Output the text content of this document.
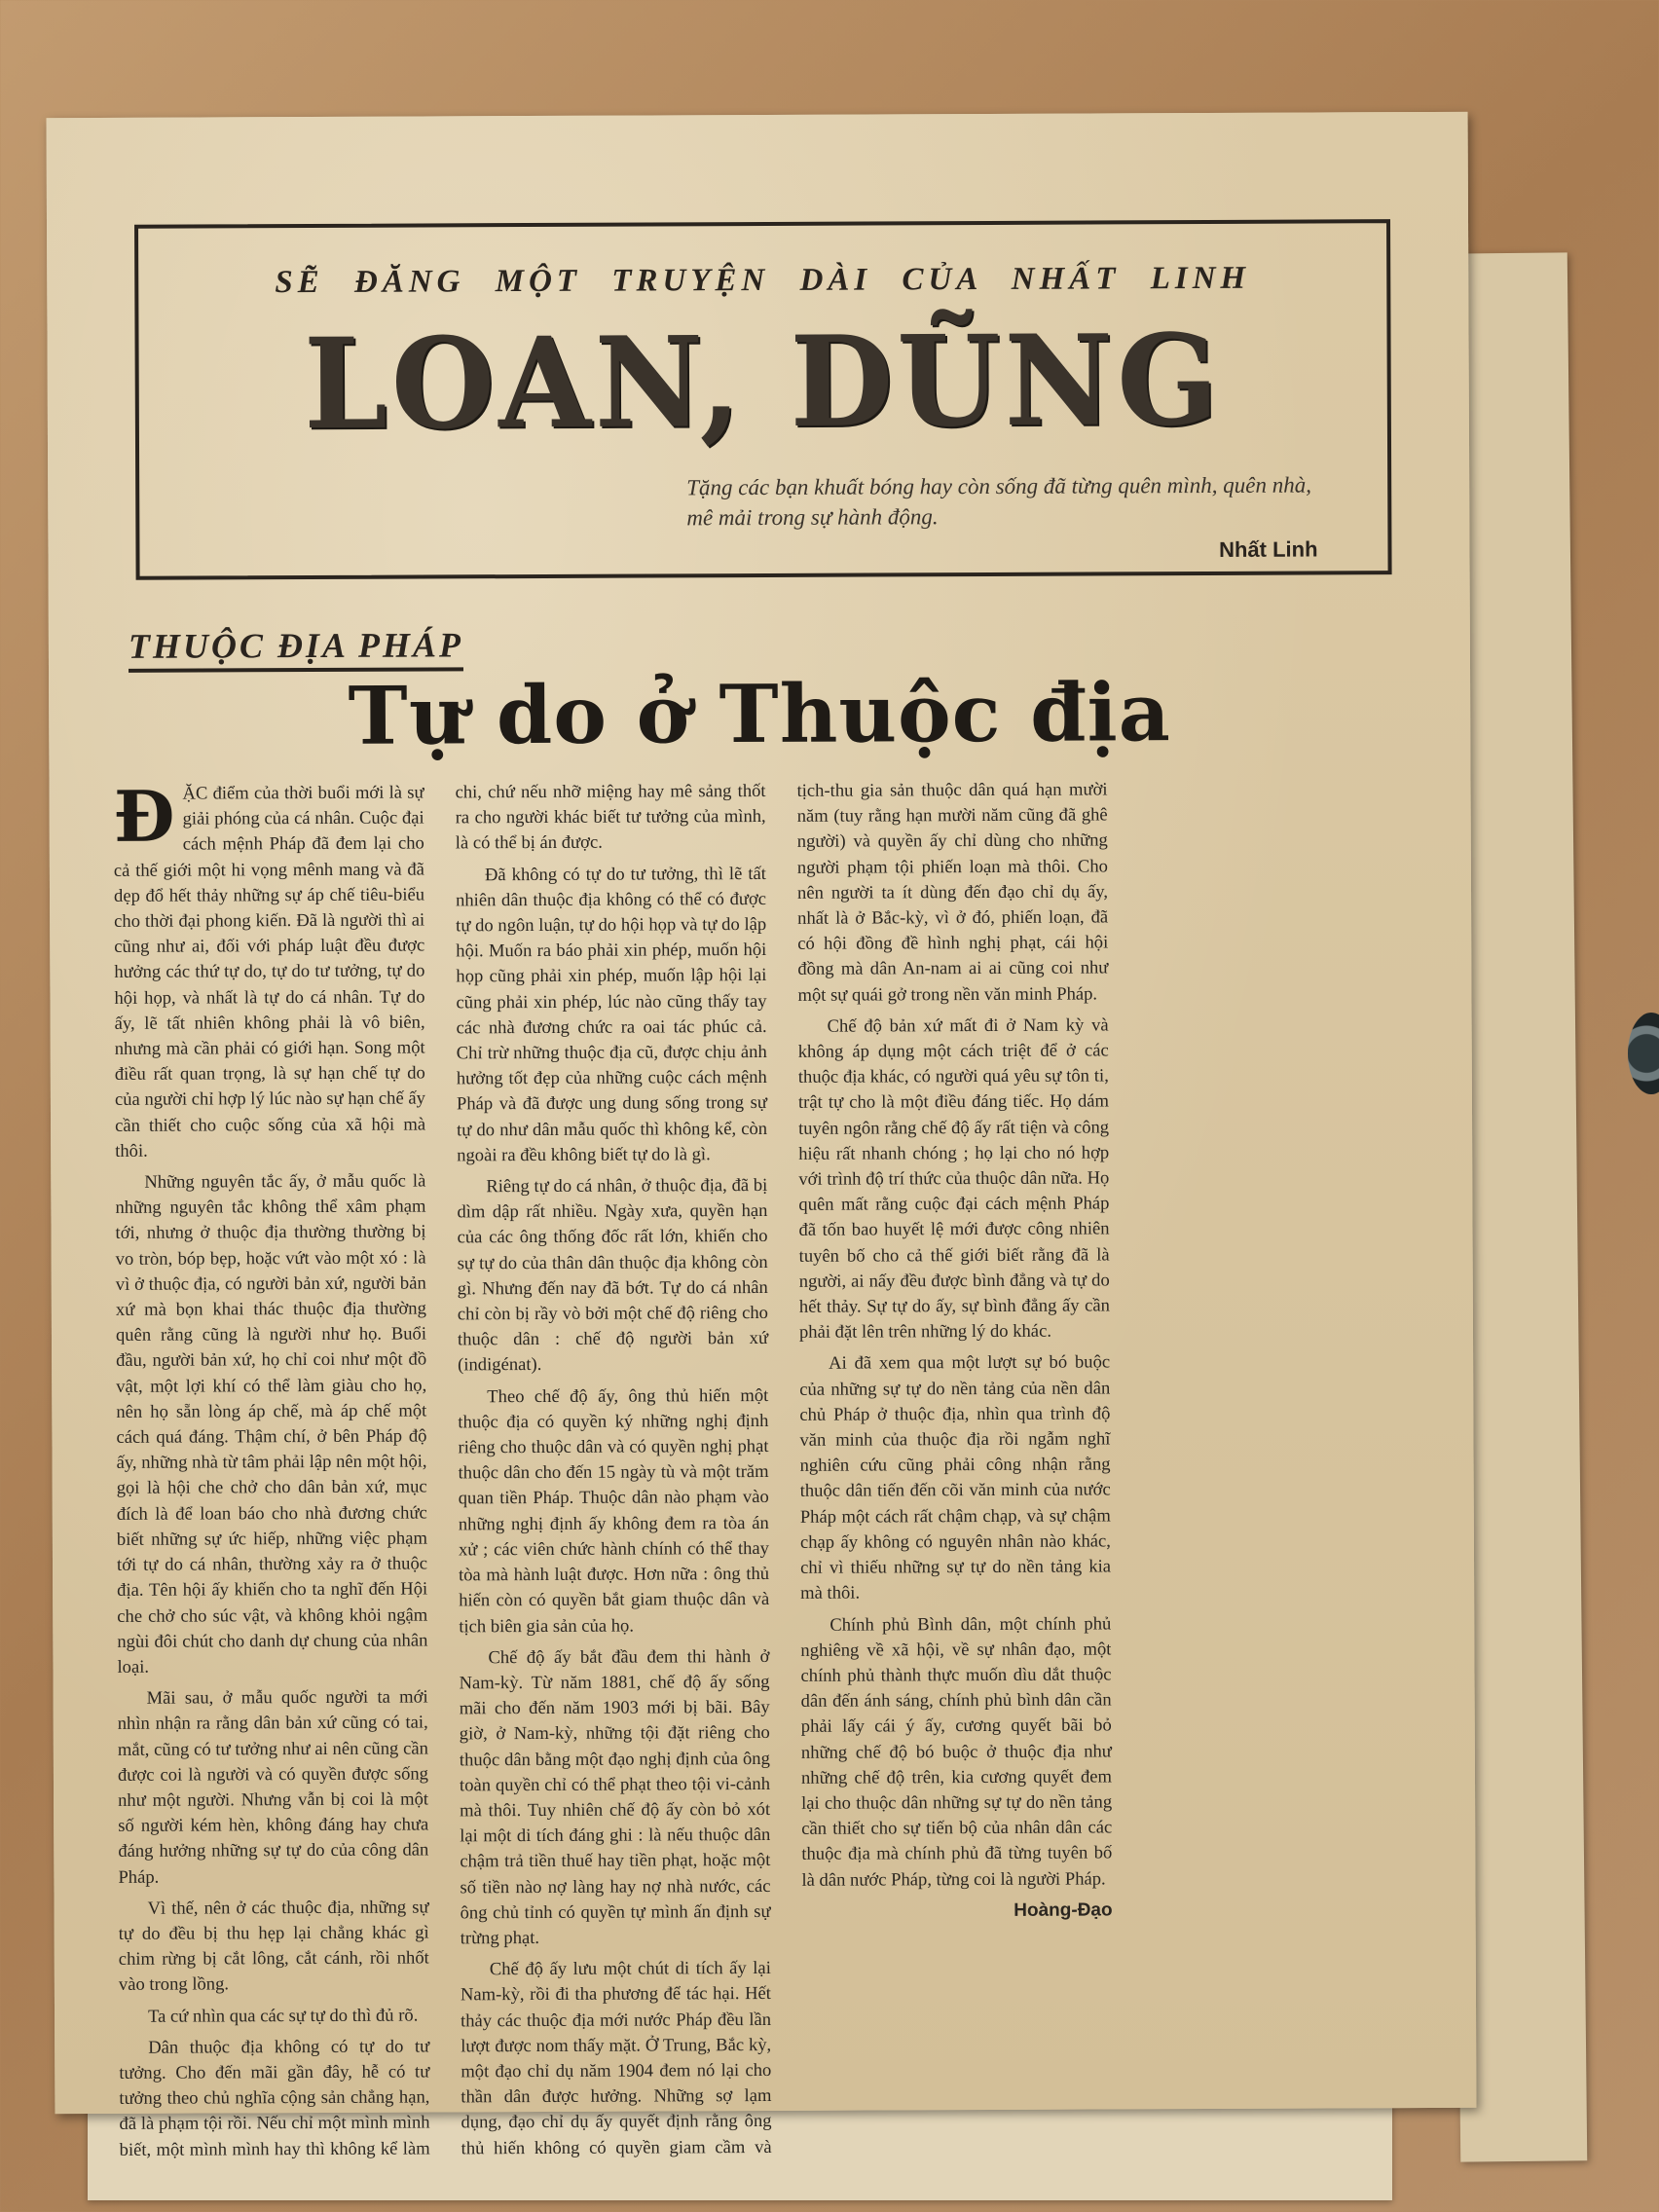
SẼ ĐĂNG MỘT TRUYỆN DÀI CỦA NHẤT LINH
LOAN, DŨNG
Tặng các bạn khuất bóng hay còn sống đã từng quên mình, quên nhà, mê mải trong sự hành động.
Nhất Linh
THUỘC ĐỊA PHÁP
Tự do ở Thuộc địa

ĐẶC điểm của thời buổi mới là sự giải phóng của cá nhân. Cuộc đại cách mệnh Pháp đã đem lại cho cả thế giới một hi vọng mênh mang và đã dẹp đổ hết thảy những sự áp chế tiêu-biểu cho thời đại phong kiến. Đã là người thì ai cũng như ai, đối với pháp luật đều được hưởng các thứ tự do, tự do tư tưởng, tự do hội họp, và nhất là tự do cá nhân. Tự do ấy, lẽ tất nhiên không phải là vô biên, nhưng mà cần phải có giới hạn. Song một điều rất quan trọng, là sự hạn chế tự do của người chỉ hợp lý lúc nào sự hạn chế ấy cần thiết cho cuộc sống của xã hội mà thôi.

Những nguyên tắc ấy, ở mẫu quốc là những nguyên tắc không thể xâm phạm tới, nhưng ở thuộc địa thường thường bị vo tròn, bóp bẹp, hoặc vứt vào một xó : là vì ở thuộc địa, có người bản xứ, người bản xứ mà bọn khai thác thuộc địa thường quên rằng cũng là người như họ. Buổi đầu, người bản xứ, họ chỉ coi như một đồ vật, một lợi khí có thể làm giàu cho họ, nên họ sẵn lòng áp chế, mà áp chế một cách quá đáng. Thậm chí, ở bên Pháp độ ấy, những nhà từ tâm phải lập nên một hội, gọi là hội che chở cho dân bản xứ, mục đích là để loan báo cho nhà đương chức biết những sự ức hiếp, những việc phạm tới tự do cá nhân, thường xảy ra ở thuộc địa. Tên hội ấy khiến cho ta nghĩ đến Hội che chở cho súc vật, và không khỏi ngậm ngùi đôi chút cho danh dự chung của nhân loại.

Mãi sau, ở mẫu quốc người ta mới nhìn nhận ra rằng dân bản xứ cũng có tai, mắt, cũng có tư tưởng như ai nên cũng cần được coi là người và có quyền được sống như một người. Nhưng vẫn bị coi là một số người kém hèn, không đáng hay chưa đáng hưởng những sự tự do của công dân Pháp.

Vì thế, nên ở các thuộc địa, những sự tự do đều bị thu hẹp lại chẳng khác gì chim rừng bị cắt lông, cắt cánh, rồi nhốt vào trong lồng.

Ta cứ nhìn qua các sự tự do thì đủ rõ.

Dân thuộc địa không có tự do tư tưởng. Cho đến mãi gần đây, hễ có tư tưởng theo chủ nghĩa cộng sản chẳng hạn, đã là phạm tội rồi. Nếu chỉ một mình mình biết, một mình mình hay thì không kể làm chi, chứ nếu nhỡ miệng hay mê sảng thốt ra cho người khác biết tư tưởng của mình, là có thể bị án được.

Đã không có tự do tư tưởng, thì lẽ tất nhiên dân thuộc địa không có thể có được tự do ngôn luận, tự do hội họp và tự do lập hội. Muốn ra báo phải xin phép, muốn hội họp cũng phải xin phép, muốn lập hội lại cũng phải xin phép, lúc nào cũng thấy tay các nhà đương chức ra oai tác phúc cả. Chỉ trừ những thuộc địa cũ, được chịu ảnh hưởng tốt đẹp của những cuộc cách mệnh Pháp và đã được ung dung sống trong sự tự do như dân mẫu quốc thì không kể, còn ngoài ra đều không biết tự do là gì.

Riêng tự do cá nhân, ở thuộc địa, đã bị dìm dập rất nhiều. Ngày xưa, quyền hạn của các ông thống đốc rất lớn, khiến cho sự tự do của thân dân thuộc địa không còn gì. Nhưng đến nay đã bớt. Tự do cá nhân chỉ còn bị rầy vò bởi một chế độ riêng cho thuộc dân : chế độ người bản xứ (indigénat).

Theo chế độ ấy, ông thủ hiến một thuộc địa có quyền ký những nghị định riêng cho thuộc dân và có quyền nghị phạt thuộc dân cho đến 15 ngày tù và một trăm quan tiền Pháp. Thuộc dân nào phạm vào những nghị định ấy không đem ra tòa án xử ; các viên chức hành chính có thể thay tòa mà hành luật được. Hơn nữa : ông thủ hiến còn có quyền bắt giam thuộc dân và tịch biên gia sản của họ.

Chế độ ấy bắt đầu đem thi hành ở Nam-kỳ. Từ năm 1881, chế độ ấy sống mãi cho đến năm 1903 mới bị bãi. Bây giờ, ở Nam-kỳ, những tội đặt riêng cho thuộc dân bằng một đạo nghị định của ông toàn quyền chỉ có thể phạt theo tội vi-cảnh mà thôi. Tuy nhiên chế độ ấy còn bỏ xót lại một di tích đáng ghi : là nếu thuộc dân chậm trả tiền thuế hay tiền phạt, hoặc một số tiền nào nợ làng hay nợ nhà nước, các ông chủ tỉnh có quyền tự mình ấn định sự trừng phạt.

Chế độ ấy lưu một chút di tích ấy lại Nam-kỳ, rồi đi tha phương để tác hại. Hết thảy các thuộc địa mới nước Pháp đều lần lượt được nom thấy mặt. Ở Trung, Bắc kỳ, một đạo chỉ dụ năm 1904 đem nó lại cho thần dân được hưởng. Những sợ lạm dụng, đạo chỉ dụ ấy quyết định rằng ông thủ hiến không có quyền giam cầm và tịch-thu gia sản thuộc dân quá hạn mười năm (tuy rằng hạn mười năm cũng đã ghê người) và quyền ấy chỉ dùng cho những người phạm tội phiến loạn mà thôi. Cho nên người ta ít dùng đến đạo chỉ dụ ấy, nhất là ở Bắc-kỳ, vì ở đó, phiến loạn, đã có hội đồng đề hình nghị phạt, cái hội đồng mà dân An-nam ai ai cũng coi như một sự quái gở trong nền văn minh Pháp.

Chế độ bản xứ mất đi ở Nam kỳ và không áp dụng một cách triệt để ở các thuộc địa khác, có người quá yêu sự tôn ti, trật tự cho là một điều đáng tiếc. Họ dám tuyên ngôn rằng chế độ ấy rất tiện và công hiệu rất nhanh chóng ; họ lại cho nó hợp với trình độ trí thức của thuộc dân nữa. Họ quên mất rằng cuộc đại cách mệnh Pháp đã tốn bao huyết lệ mới được công nhiên tuyên bố cho cả thế giới biết rằng đã là người, ai nấy đều được bình đẳng và tự do hết thảy. Sự tự do ấy, sự bình đẳng ấy cần phải đặt lên trên những lý do khác.

Ai đã xem qua một lượt sự bó buộc của những sự tự do nền tảng của nền dân chủ Pháp ở thuộc địa, nhìn qua trình độ văn minh của thuộc địa rồi ngẫm nghĩ nghiên cứu cũng phải công nhận rằng thuộc dân tiến đến cõi văn minh của nước Pháp một cách rất chậm chạp, và sự chậm chạp ấy không có nguyên nhân nào khác, chỉ vì thiếu những sự tự do nền tảng kia mà thôi.

Chính phủ Bình dân, một chính phủ nghiêng về xã hội, về sự nhân đạo, một chính phủ thành thực muốn dìu dắt thuộc dân đến ánh sáng, chính phủ bình dân cần phải lấy cái ý ấy, cương quyết bãi bỏ những chế độ bó buộc ở thuộc địa như những chế độ trên, kia cương quyết đem lại cho thuộc dân những sự tự do nền tảng cần thiết cho sự tiến bộ của nhân dân các thuộc địa mà chính phủ đã từng tuyên bố là dân nước Pháp, từng coi là người Pháp.

Hoàng-Đạo
